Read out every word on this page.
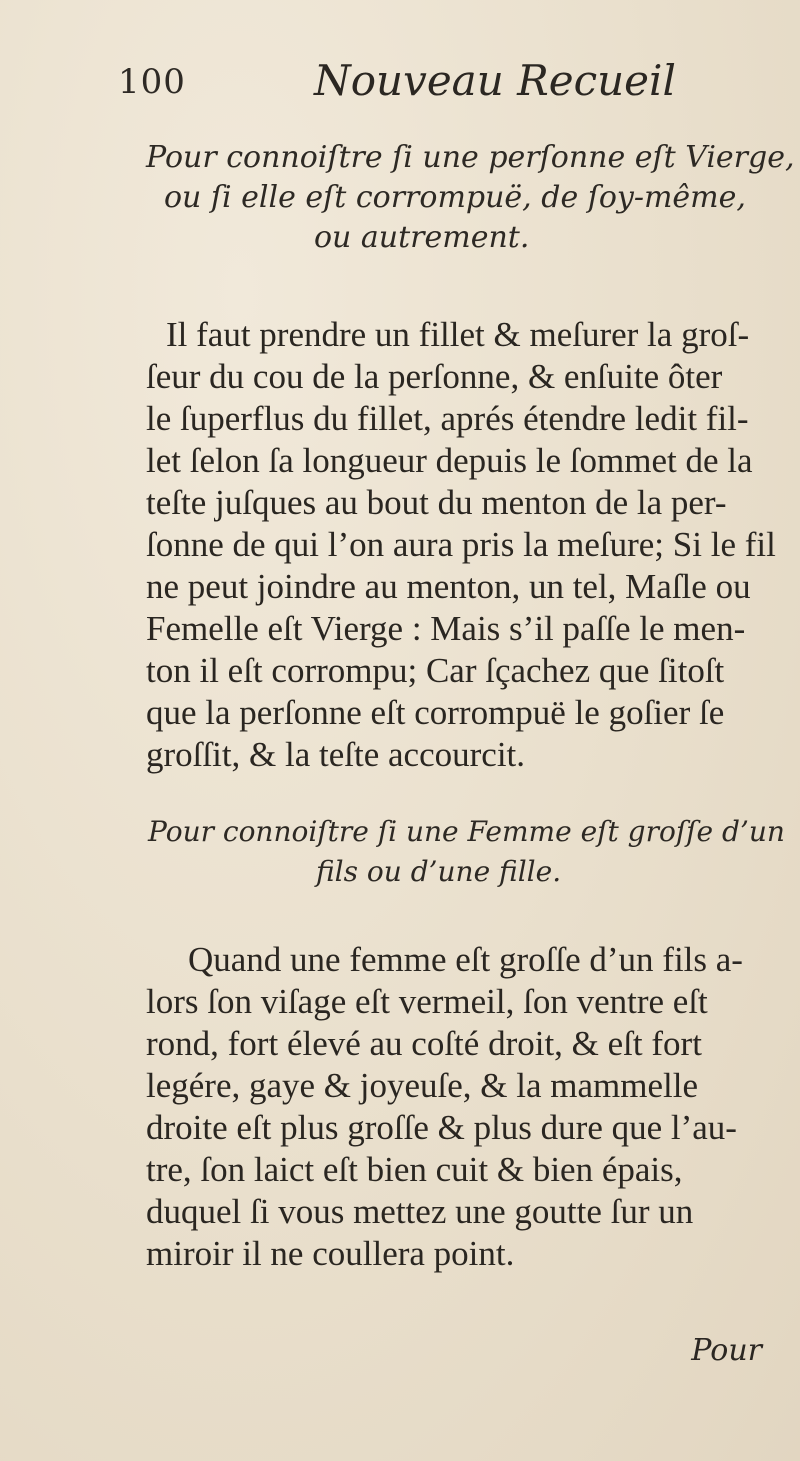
100	Nouveau Recueil
Pour connoiſtre ſi une perſonne eſt Vierge,
ou ſi elle eſt corrompuë, de ſoy-même,
ou autrement.
Il faut prendre un fillet & meſurer la groſ-
ſeur du cou de la perſonne, & enſuite ôter
le ſuperflus du fillet, aprés étendre ledit fil-
let ſelon ſa longueur depuis le ſommet de la
teſte juſques au bout du menton de la per-
ſonne de qui l’on aura pris la meſure; Si le fil
ne peut joindre au menton, un tel, Maſle ou
Femelle eſt Vierge : Mais s’il paſſe le men-
ton il eſt corrompu; Car ſçachez que ſitoſt
que la perſonne eſt corrompuë le goſier ſe
groſſit, & la teſte accourcit.
Pour connoiſtre ſi une Femme eſt groſſe d’un
fils ou d’une fille.
Quand une femme eſt groſſe d’un fils a-
lors ſon viſage eſt vermeil, ſon ventre eſt
rond, fort élevé au coſté droit, & eſt fort
legére, gaye & joyeuſe, & la mammelle
droite eſt plus groſſe & plus dure que l’au-
tre, ſon laict eſt bien cuit & bien épais,
duquel ſi vous mettez une goutte ſur un
miroir il ne coullera point.
Pour
